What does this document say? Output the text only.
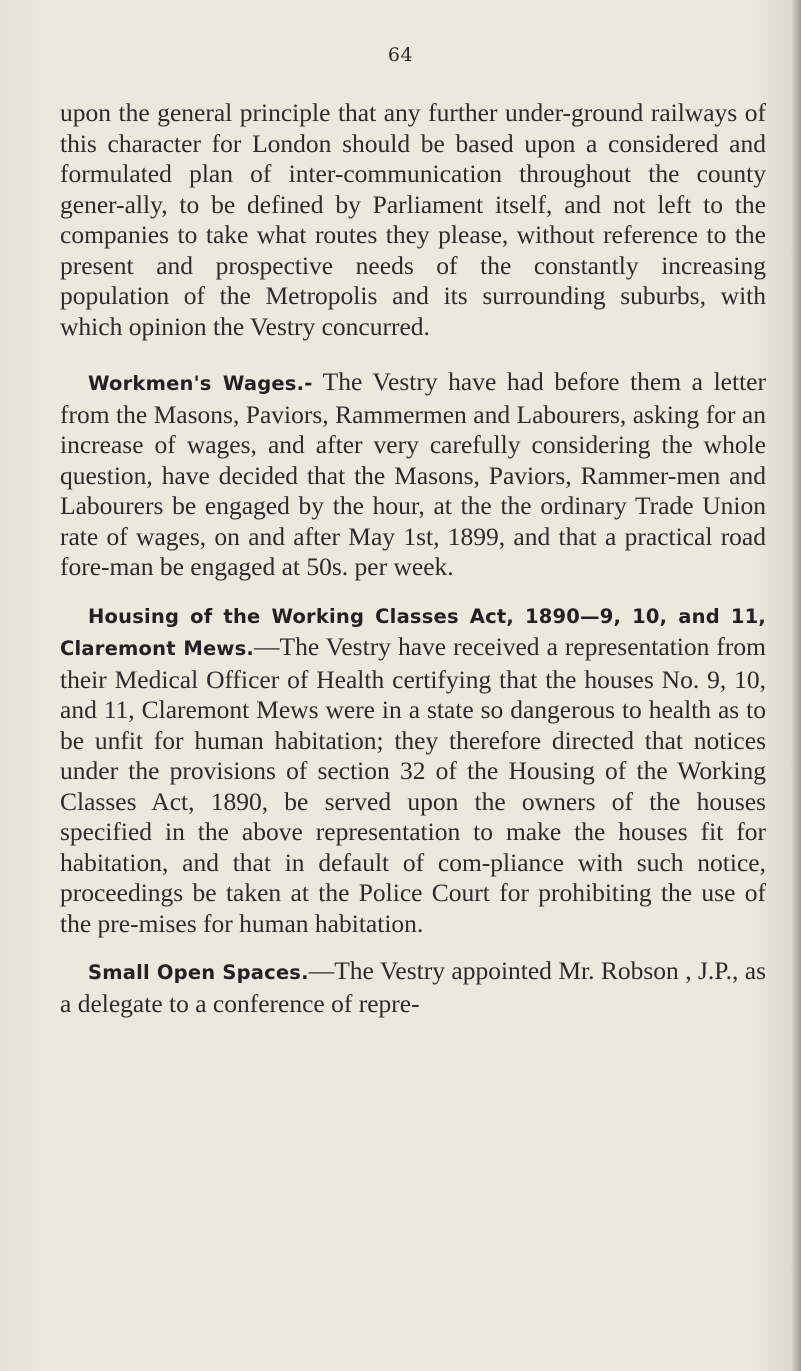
64

upon the general principle that any further under-ground railways of this character for London should be based upon a considered and formulated plan of inter-communication throughout the county gener-ally, to be defined by Parliament itself, and not left to the companies to take what routes they please, without reference to the present and prospective needs of the constantly increasing population of the Metropolis and its surrounding suburbs, with which opinion the Vestry concurred.

Workmen's Wages.- The Vestry have had before them a letter from the Masons, Paviors, Rammermen and Labourers, asking for an increase of wages, and after very carefully considering the whole question, have decided that the Masons, Paviors, Rammer-men and Labourers be engaged by the hour, at the the ordinary Trade Union rate of wages, on and after May 1st, 1899, and that a practical road fore-man be engaged at 50s. per week.

Housing of the Working Classes Act, 1890—9, 10, and 11, Claremont Mews.—The Vestry have received a representation from their Medical Officer of Health certifying that the houses No. 9, 10, and 11, Claremont Mews were in a state so dangerous to health as to be unfit for human habitation; they therefore directed that notices under the provisions of section 32 of the Housing of the Working Classes Act, 1890, be served upon the owners of the houses specified in the above representation to make the houses fit for habitation, and that in default of com-pliance with such notice, proceedings be taken at the Police Court for prohibiting the use of the pre-mises for human habitation.

Small Open Spaces.—The Vestry appointed Mr. Robson , J.P., as a delegate to a conference of repre-
